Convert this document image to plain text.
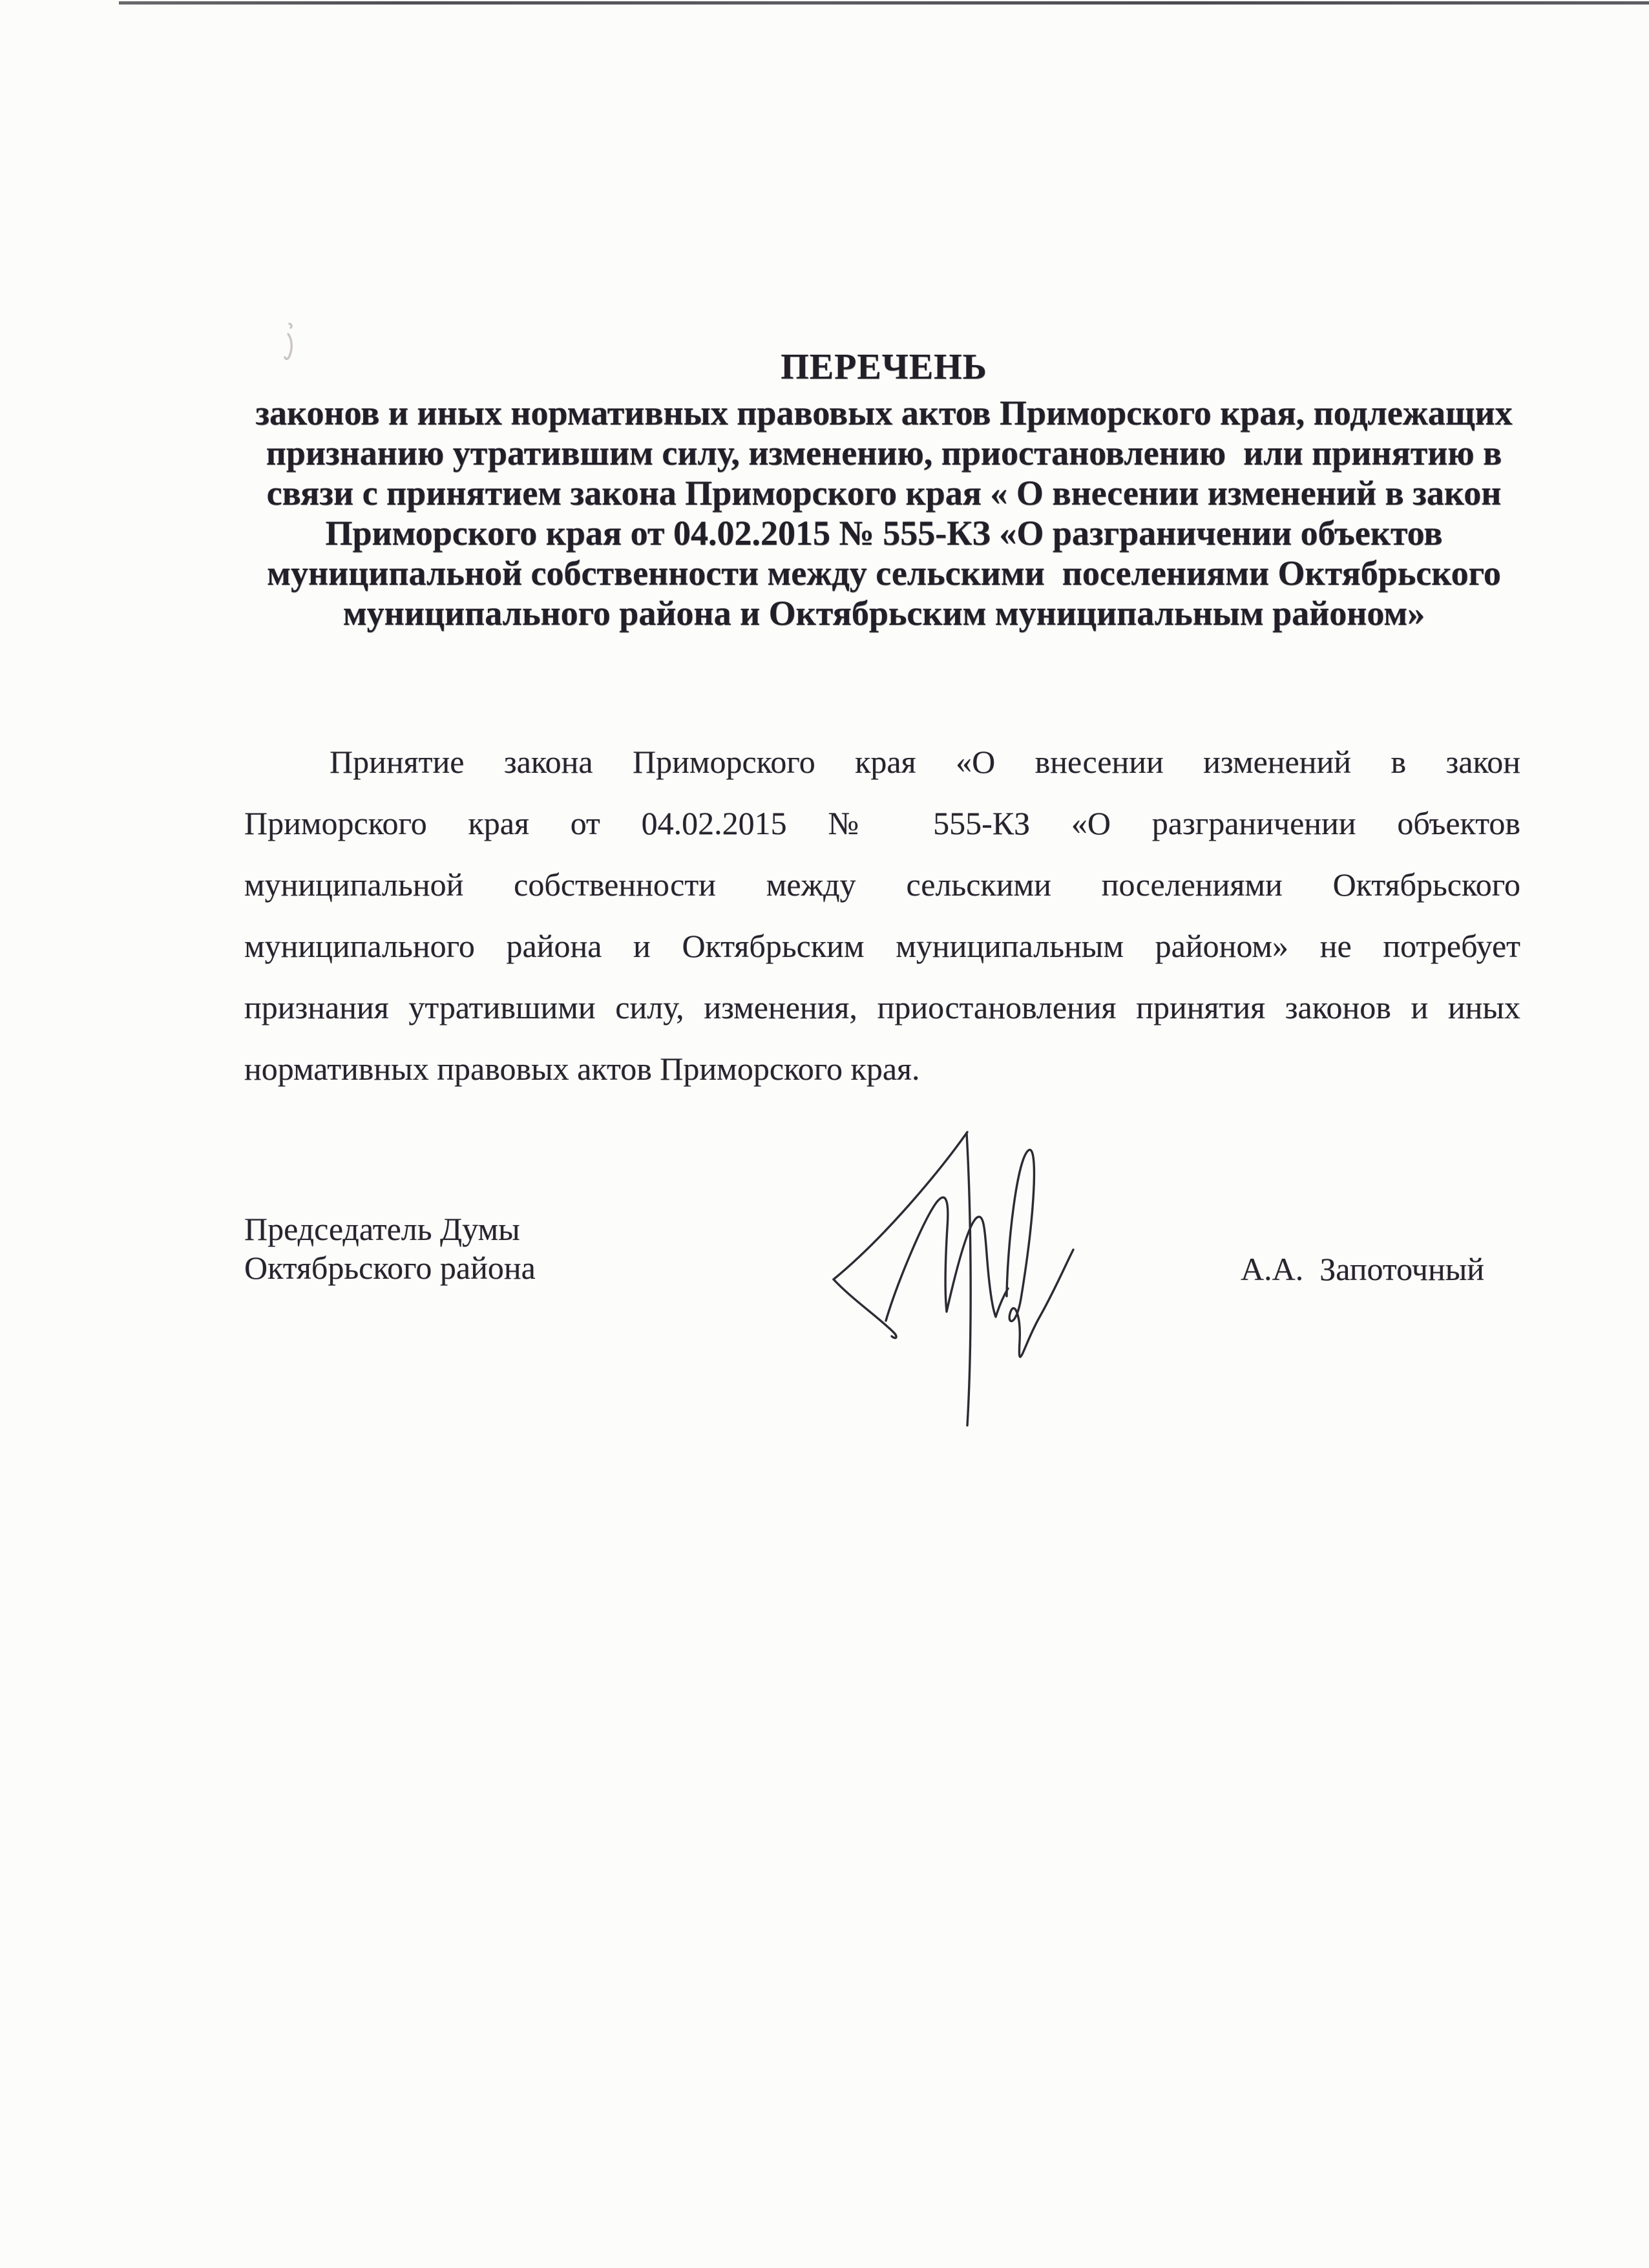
ПЕРЕЧЕНЬ
законов и иных нормативных правовых актов Приморского края, подлежащих
признанию утратившим силу, изменению, приостановлению  или принятию в
связи с принятием закона Приморского края « О внесении изменений в закон
Приморского края от 04.02.2015 № 555-КЗ «О разграничении объектов
муниципальной собственности между сельскими  поселениями Октябрьского
муниципального района и Октябрьским муниципальным районом»
Принятие закона Приморского края «О внесении изменений в закон
Приморского края от 04.02.2015 № 555-КЗ «О разграничении объектов
муниципальной собственности между сельскими поселениями Октябрьского
муниципального района и Октябрьским муниципальным районом» не потребует
признания утратившими силу, изменения, приостановления принятия законов и иных
нормативных правовых актов Приморского края.
Председатель Думы
Октябрьского района	А.А.  Запоточный
